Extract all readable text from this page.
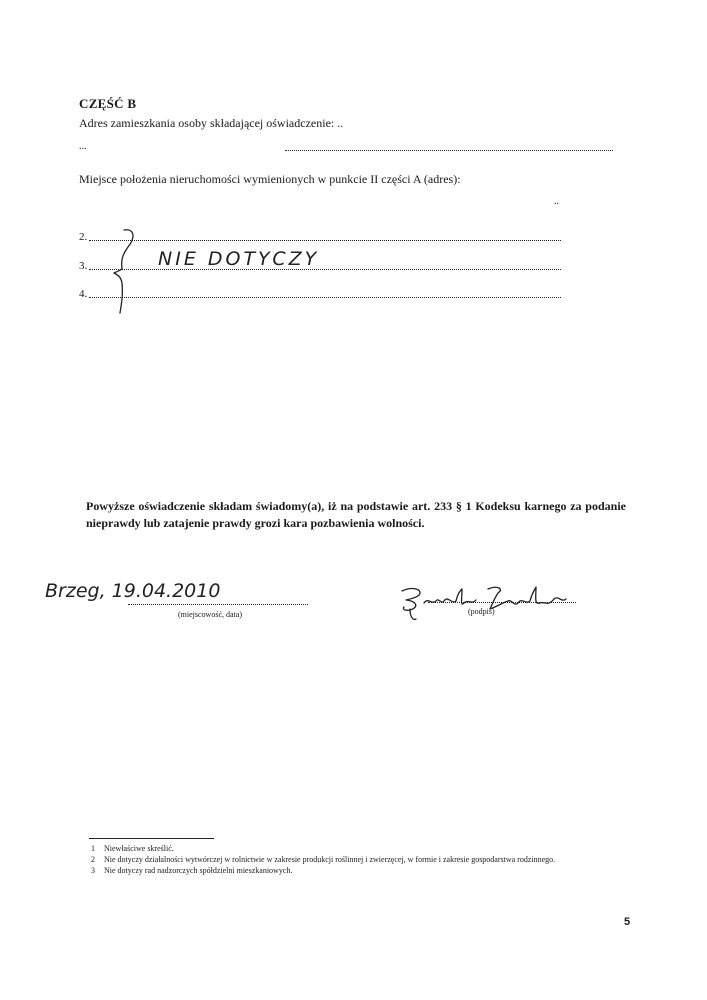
CZĘŚĆ B
Adres zamieszkania osoby składającej oświadczenie: ..
...
Miejsce położenia nieruchomości wymienionych w punkcie II części A (adres):
..
2.
3.
4.
NIE DOTYCZY
Powyższe oświadczenie składam świadomy(a), iż na podstawie art. 233 § 1 Kodeksu karnego za podanie nieprawdy lub zatajenie prawdy grozi kara pozbawienia wolności.
Brzeg, 19.04.2010
(miejscowość, data)	(podpis)
1 Niewłaściwe skreślić.
2 Nie dotyczy działalności wytwórczej w rolnictwie w zakresie produkcji roślinnej i zwierzęcej, w formie i zakresie gospodarstwa rodzinnego.
3 Nie dotyczy rad nadzorczych spółdzielni mieszkaniowych.
5
